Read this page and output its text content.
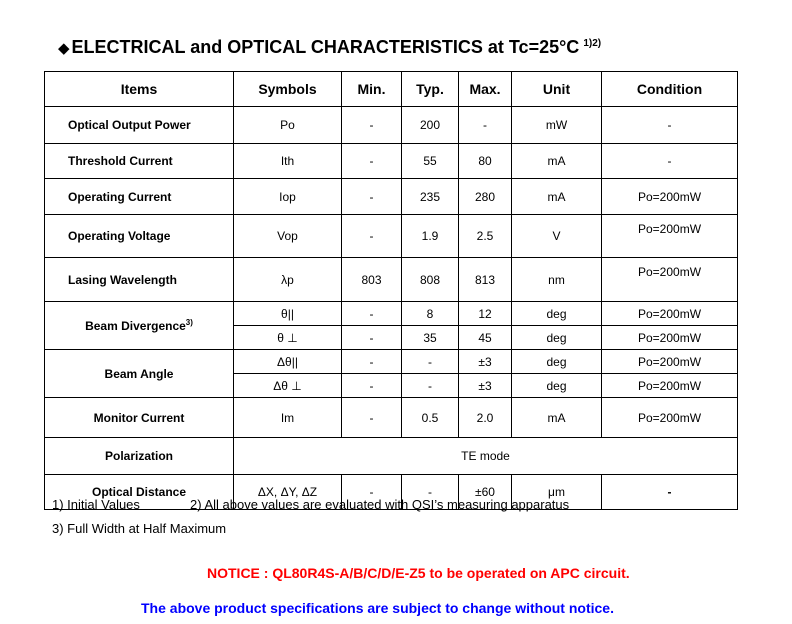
◆ ELECTRICAL and OPTICAL CHARACTERISTICS at Tc=25°C $^{1)2)}$
Items	Symbols	Min.	Typ.	Max.	Unit	Condition
Optical Output Power	Po	-	200	-	mW	-
Threshold Current	Ith	-	55	80	mA	-
Operating Current	Iop	-	235	280	mA	Po=200mW
Operating Voltage	Vop	-	1.9	2.5	V	Po=200mW
Lasing Wavelength	λp	803	808	813	nm	Po=200mW
Beam Divergence$^{3)}$	θ||	-	8	12	deg	Po=200mW
	θ ⊥	-	35	45	deg	Po=200mW
Beam Angle	Δθ||	-	-	±3	deg	Po=200mW
	Δθ ⊥	-	-	±3	deg	Po=200mW
Monitor Current	Im	-	0.5	2.0	mA	Po=200mW
Polarization	TE mode					
Optical Distance	ΔX, ΔY, ΔZ	-	-	±60	μm	-
1) Initial Values	2) All above values are evaluated with QSI’s measuring apparatus
3) Full Width at Half Maximum
NOTICE : QL80R4S-A/B/C/D/E-Z5 to be operated on APC circuit.
The above product specifications are subject to change without notice.
